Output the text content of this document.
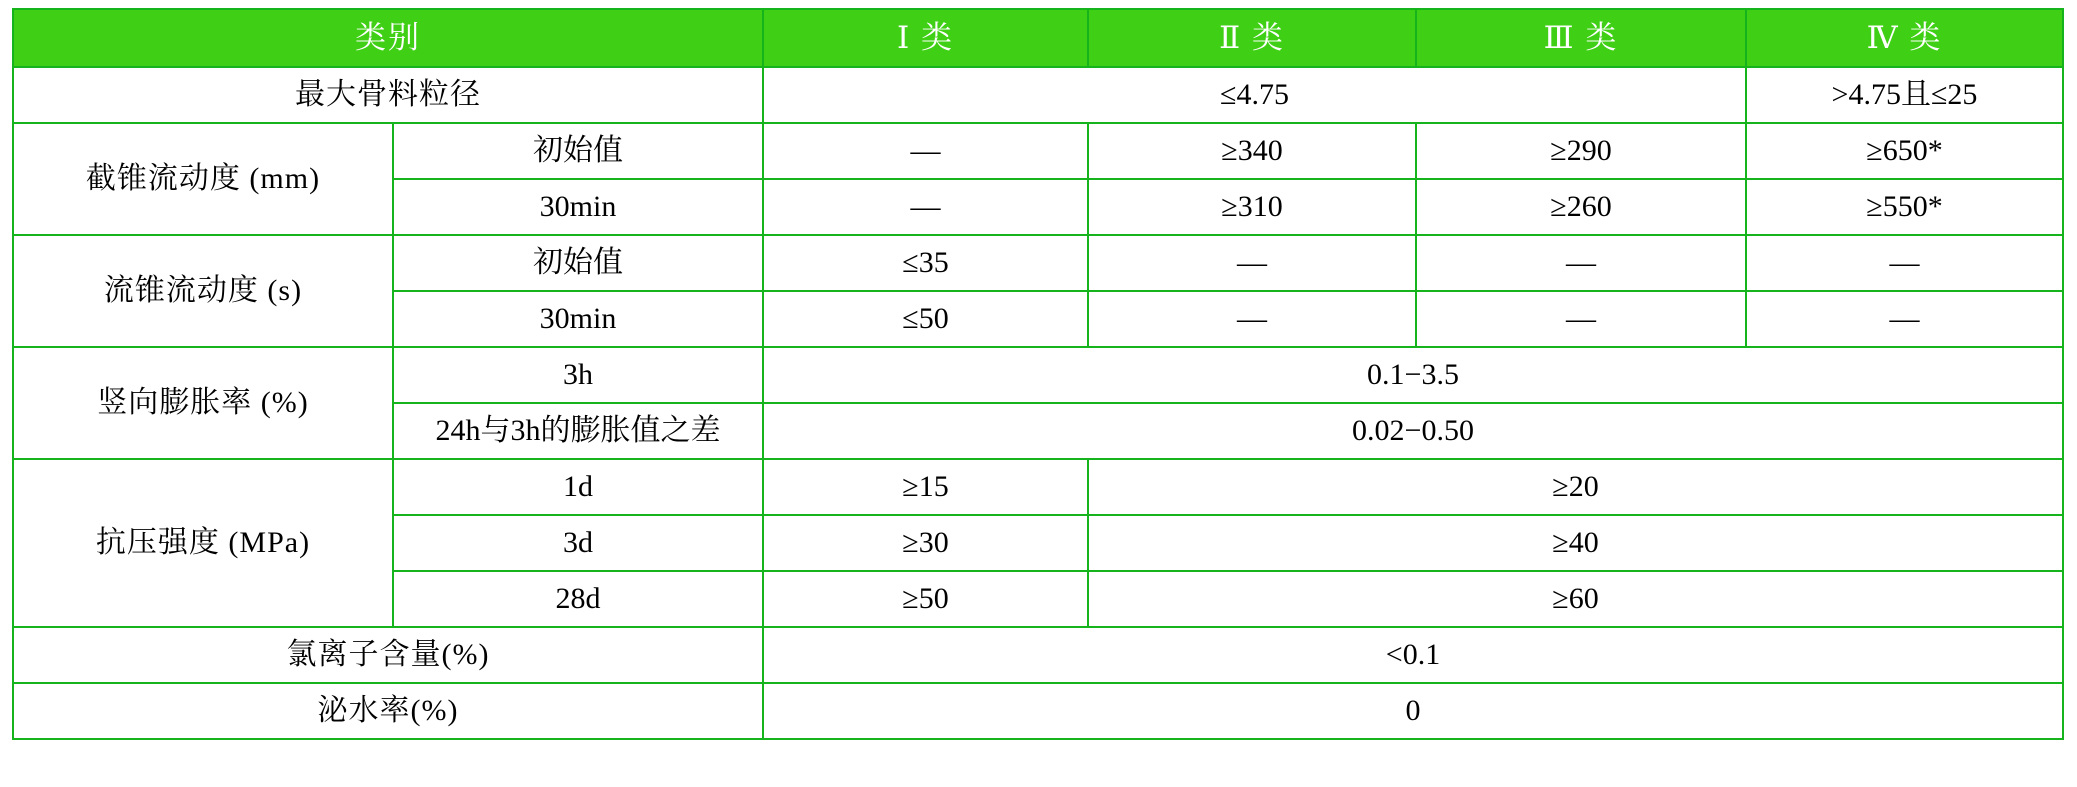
类别		Ⅰ 类	Ⅱ 类	Ⅲ 类	Ⅳ 类
最大骨料粒径		≤4.75			>4.75且≤25
截锥流动度 (mm)	初始值	—	≥340	≥290	≥650*
	30min	—	≥310	≥260	≥550*
流锥流动度 (s)	初始值	≤35	—	—	—
	30min	≤50	—	—	—
竖向膨胀率 (%)	3h	0.1−3.5			
	24h与3h的膨胀值之差	0.02−0.50			
抗压强度 (MPa)	1d	≥15	≥20		
	3d	≥30	≥40		
	28d	≥50	≥60		
氯离子含量(%)		<0.1			
泌水率(%)		0			
